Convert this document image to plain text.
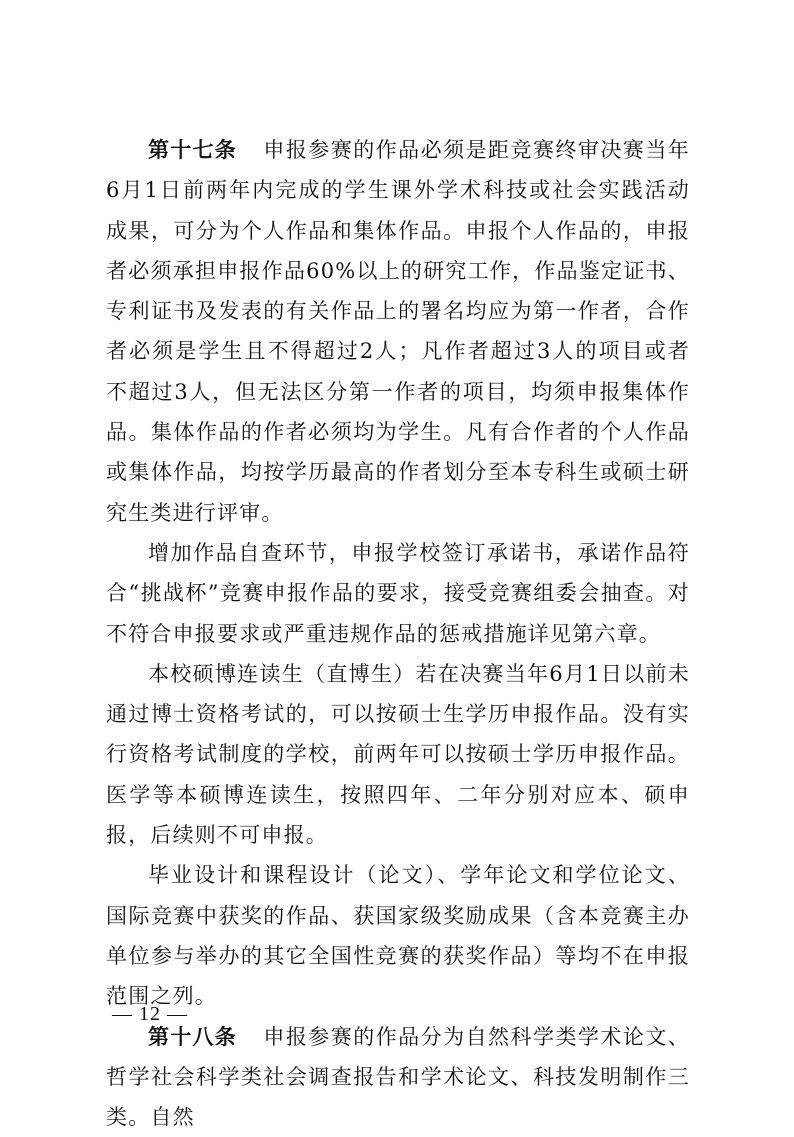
第十七条 申报参赛的作品必须是距竞赛终审决赛当年6月1日前两年内完成的学生课外学术科技或社会实践活动成果，可分为个人作品和集体作品。申报个人作品的，申报者必须承担申报作品60%以上的研究工作，作品鉴定证书、专利证书及发表的有关作品上的署名均应为第一作者，合作者必须是学生且不得超过2人；凡作者超过3人的项目或者不超过3人，但无法区分第一作者的项目，均须申报集体作品。集体作品的作者必须均为学生。凡有合作者的个人作品或集体作品，均按学历最高的作者划分至本专科生或硕士研究生类进行评审。

增加作品自查环节，申报学校签订承诺书，承诺作品符合“挑战杯”竞赛申报作品的要求，接受竞赛组委会抽查。对不符合申报要求或严重违规作品的惩戒措施详见第六章。

本校硕博连读生（直博生）若在决赛当年6月1日以前未通过博士资格考试的，可以按硕士生学历申报作品。没有实行资格考试制度的学校，前两年可以按硕士学历申报作品。医学等本硕博连读生，按照四年、二年分别对应本、硕申报，后续则不可申报。

毕业设计和课程设计（论文）、学年论文和学位论文、国际竞赛中获奖的作品、获国家级奖励成果（含本竞赛主办单位参与举办的其它全国性竞赛的获奖作品）等均不在申报范围之列。

第十八条 申报参赛的作品分为自然科学类学术论文、哲学社会科学类社会调查报告和学术论文、科技发明制作三类。自然

— 12 —
